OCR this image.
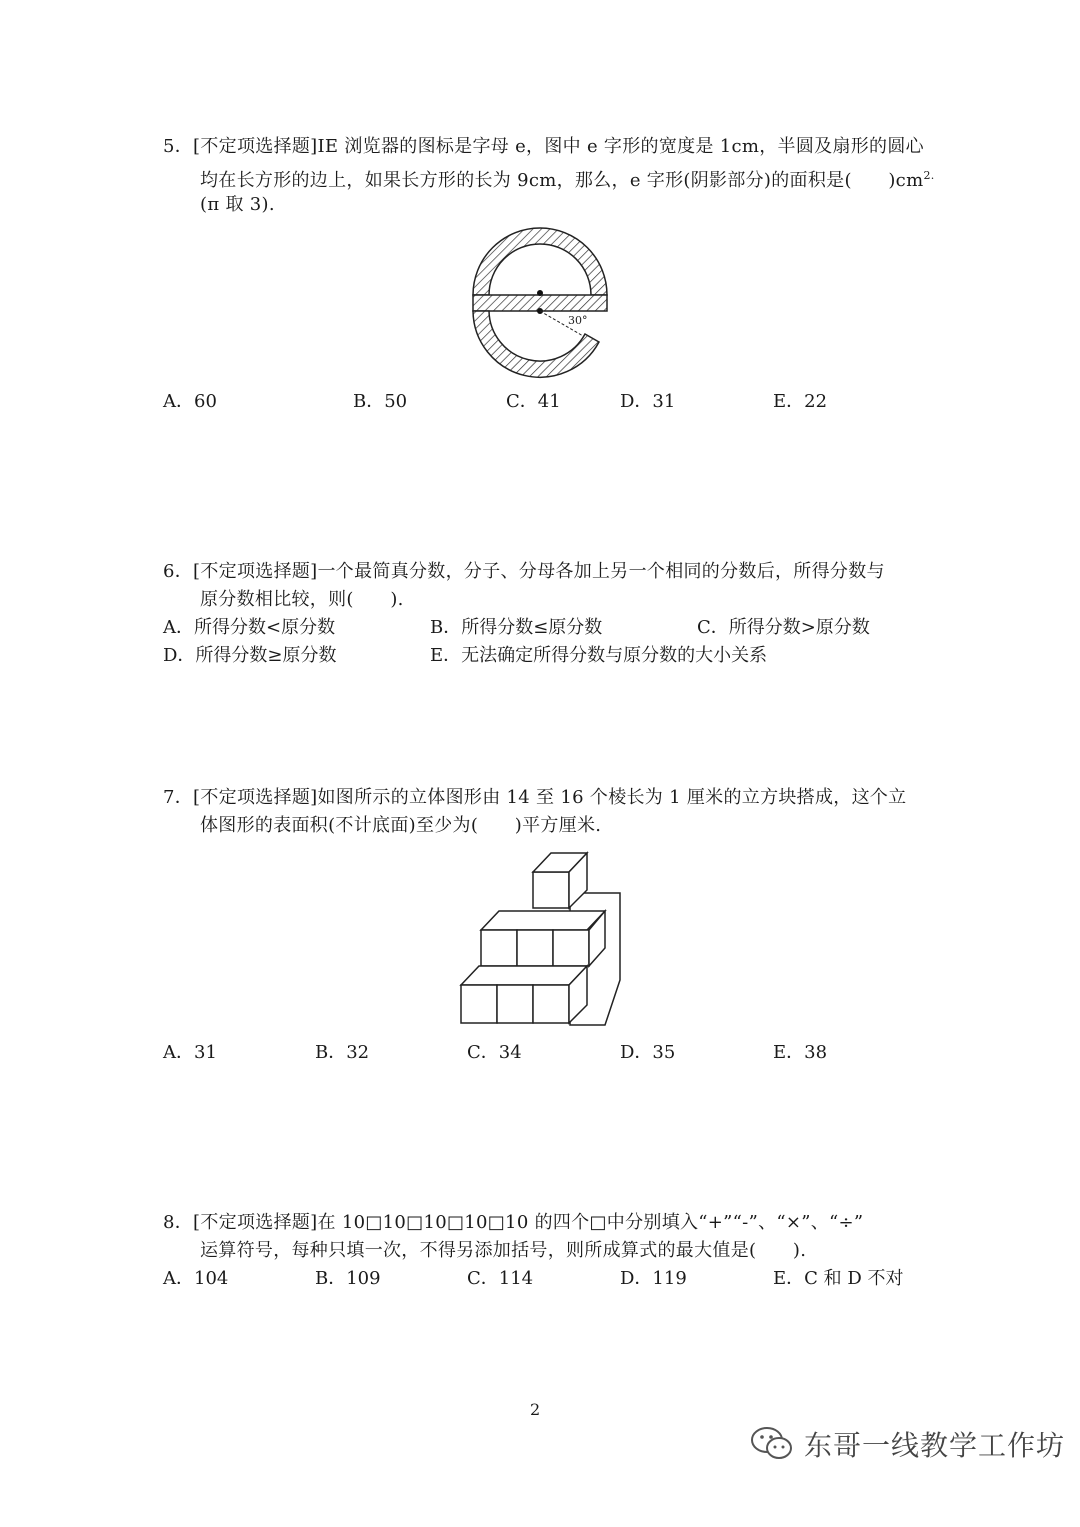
5．[不定项选择题]IE 浏览器的图标是字母 e，图中 e 字形的宽度是 1cm，半圆及扇形的圆心
均在长方形的边上，如果长方形的长为 9cm，那么，e 字形(阴影部分)的面积是(　　)$cm^{2.}$
(π 取 3).
30°
A．60	B．50	C．41	D．31	E．22
6．[不定项选择题]一个最简真分数，分子、分母各加上另一个相同的分数后，所得分数与
原分数相比较，则(　　).
A．所得分数<原分数	B．所得分数≤原分数	C．所得分数>原分数
D．所得分数≥原分数	E．无法确定所得分数与原分数的大小关系
7．[不定项选择题]如图所示的立体图形由 14 至 16 个棱长为 1 厘米的立方块搭成，这个立
体图形的表面积(不计底面)至少为(　　)平方厘米.
A．31	B．32	C．34	D．35	E．38
8．[不定项选择题]在 10□10□10□10□10 的四个□中分别填入“+”“-”、“×”、“÷”
运算符号，每种只填一次，不得另添加括号，则所成算式的最大值是(　　).
A．104	B．109	C．114	D．119	E．C 和 D 不对
2
东哥一线教学工作坊
